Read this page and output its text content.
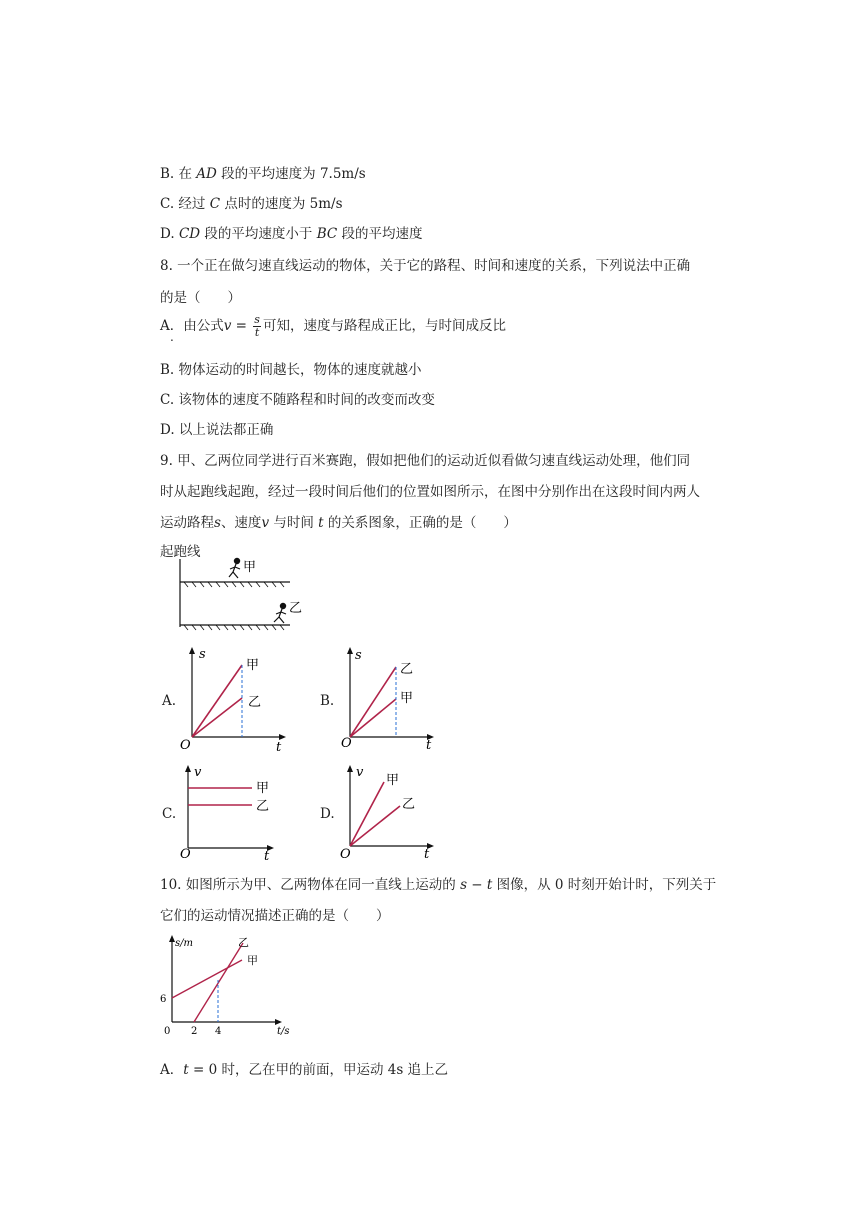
B. 在 AD 段的平均速度为 7.5m/s
C. 经过 C 点时的速度为 5m/s
D. CD 段的平均速度小于 BC 段的平均速度
8. 一个正在做匀速直线运动的物体，关于它的路程、时间和速度的关系，下列说法中正确
的是（　　）
A．由公式$v = \frac{s}{t}$ 可知，速度与路程成正比，与时间成反比
.
B. 物体运动的时间越长，物体的速度就越小
C. 该物体的速度不随路程和时间的改变而改变
D. 以上说法都正确
9. 甲、乙两位同学进行百米赛跑，假如把他们的运动近似看做匀速直线运动处理，他们同
时从起跑线起跑，经过一段时间后他们的位置如图所示，在图中分别作出在这段时间内两人
运动路程s、速度v 与时间 t 的关系图象，正确的是（　　）
起跑线
甲
乙
A.
s
t
O
甲
乙	B.
s
t
O
乙
甲
C.
v
t
O
甲
乙	D.
v
t
O
甲
乙
10. 如图所示为甲、乙两物体在同一直线上运动的 s − t 图像，从 0 时刻开始计时，下列关于
它们的运动情况描述正确的是（　　）
s/m
t/s
0
6
2 4
乙
甲
A．t = 0 时，乙在甲的前面，甲运动 4s 追上乙
